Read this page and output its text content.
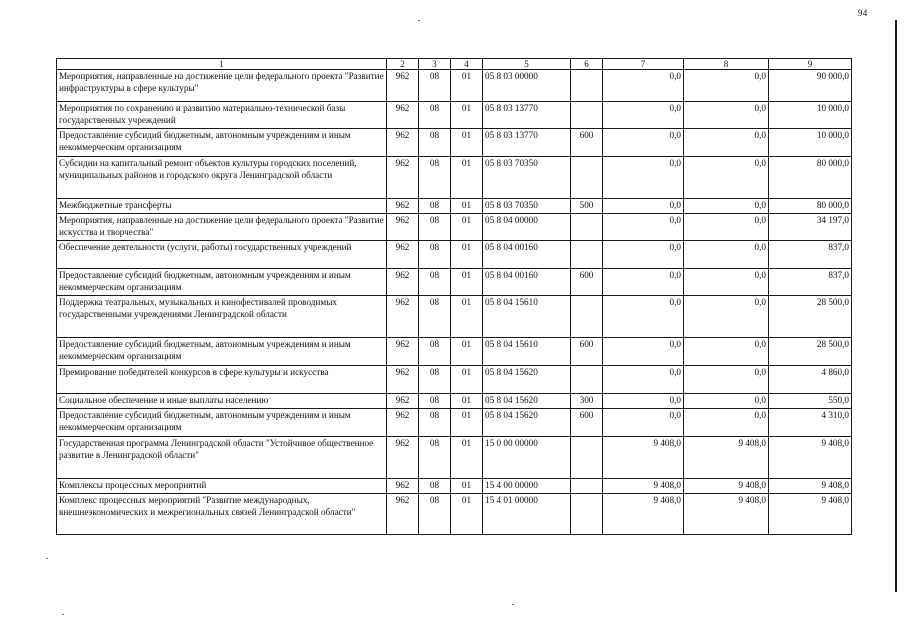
94
1	2	3	4	5	6	7	8	9
Мероприятия, направленные на достижение цели федерального проекта "Развитие инфраструктуры в сфере культуры"	962	08	01	05 8 03 00000		0,0	0,0	90 000,0
Мероприятия по сохранению и развитию материально-технической базы государственных учреждений	962	08	01	05 8 03 13770		0,0	0,0	10 000,0
Предоставление субсидий бюджетным, автономным учреждениям и иным некоммерческим организациям	962	08	01	05 8 03 13770	600	0,0	0,0	10 000,0
Субсидии на капитальный ремонт объектов культуры городских поселений, муниципальных районов и городского округа Ленинградской области	962	08	01	05 8 03 70350		0,0	0,0	80 000,0
Межбюджетные трансферты	962	08	01	05 8 03 70350	500	0,0	0,0	80 000,0
Мероприятия, направленные на достижение цели федерального проекта "Развитие искусства и творчества"	962	08	01	05 8 04 00000		0,0	0,0	34 197,0
Обеспечение деятельности (услуги, работы) государственных учреждений	962	08	01	05 8 04 00160		0,0	0,0	837,0
Предоставление субсидий бюджетным, автономным учреждениям и иным некоммерческим организациям	962	08	01	05 8 04 00160	600	0,0	0,0	837,0
Поддержка театральных, музыкальных и кинофестивалей проводимых государственными учреждениями Ленинградской области	962	08	01	05 8 04 15610		0,0	0,0	28 500,0
Предоставление субсидий бюджетным, автономным учреждениям и иным некоммерческим организациям	962	08	01	05 8 04 15610	600	0,0	0,0	28 500,0
Премирование победителей конкурсов в сфере культуры и искусства	962	08	01	05 8 04 15620		0,0	0,0	4 860,0
Социальное обеспечение и иные выплаты населению	962	08	01	05 8 04 15620	300	0,0	0,0	550,0
Предоставление субсидий бюджетным, автономным учреждениям и иным некоммерческим организациям	962	08	01	05 8 04 15620	600	0,0	0,0	4 310,0
Государственная программа Ленинградской области "Устойчивое общественное развитие в Ленинградской области"	962	08	01	15 0 00 00000		9 408,0	9 408,0	9 408,0
Комплексы процессных мероприятий	962	08	01	15 4 00 00000		9 408,0	9 408,0	9 408,0
Комплекс процессных мероприятий "Развитие международных, внешнеэкономических и межрегиональных связей Ленинградской области"	962	08	01	15 4 01 00000		9 408,0	9 408,0	9 408,0
